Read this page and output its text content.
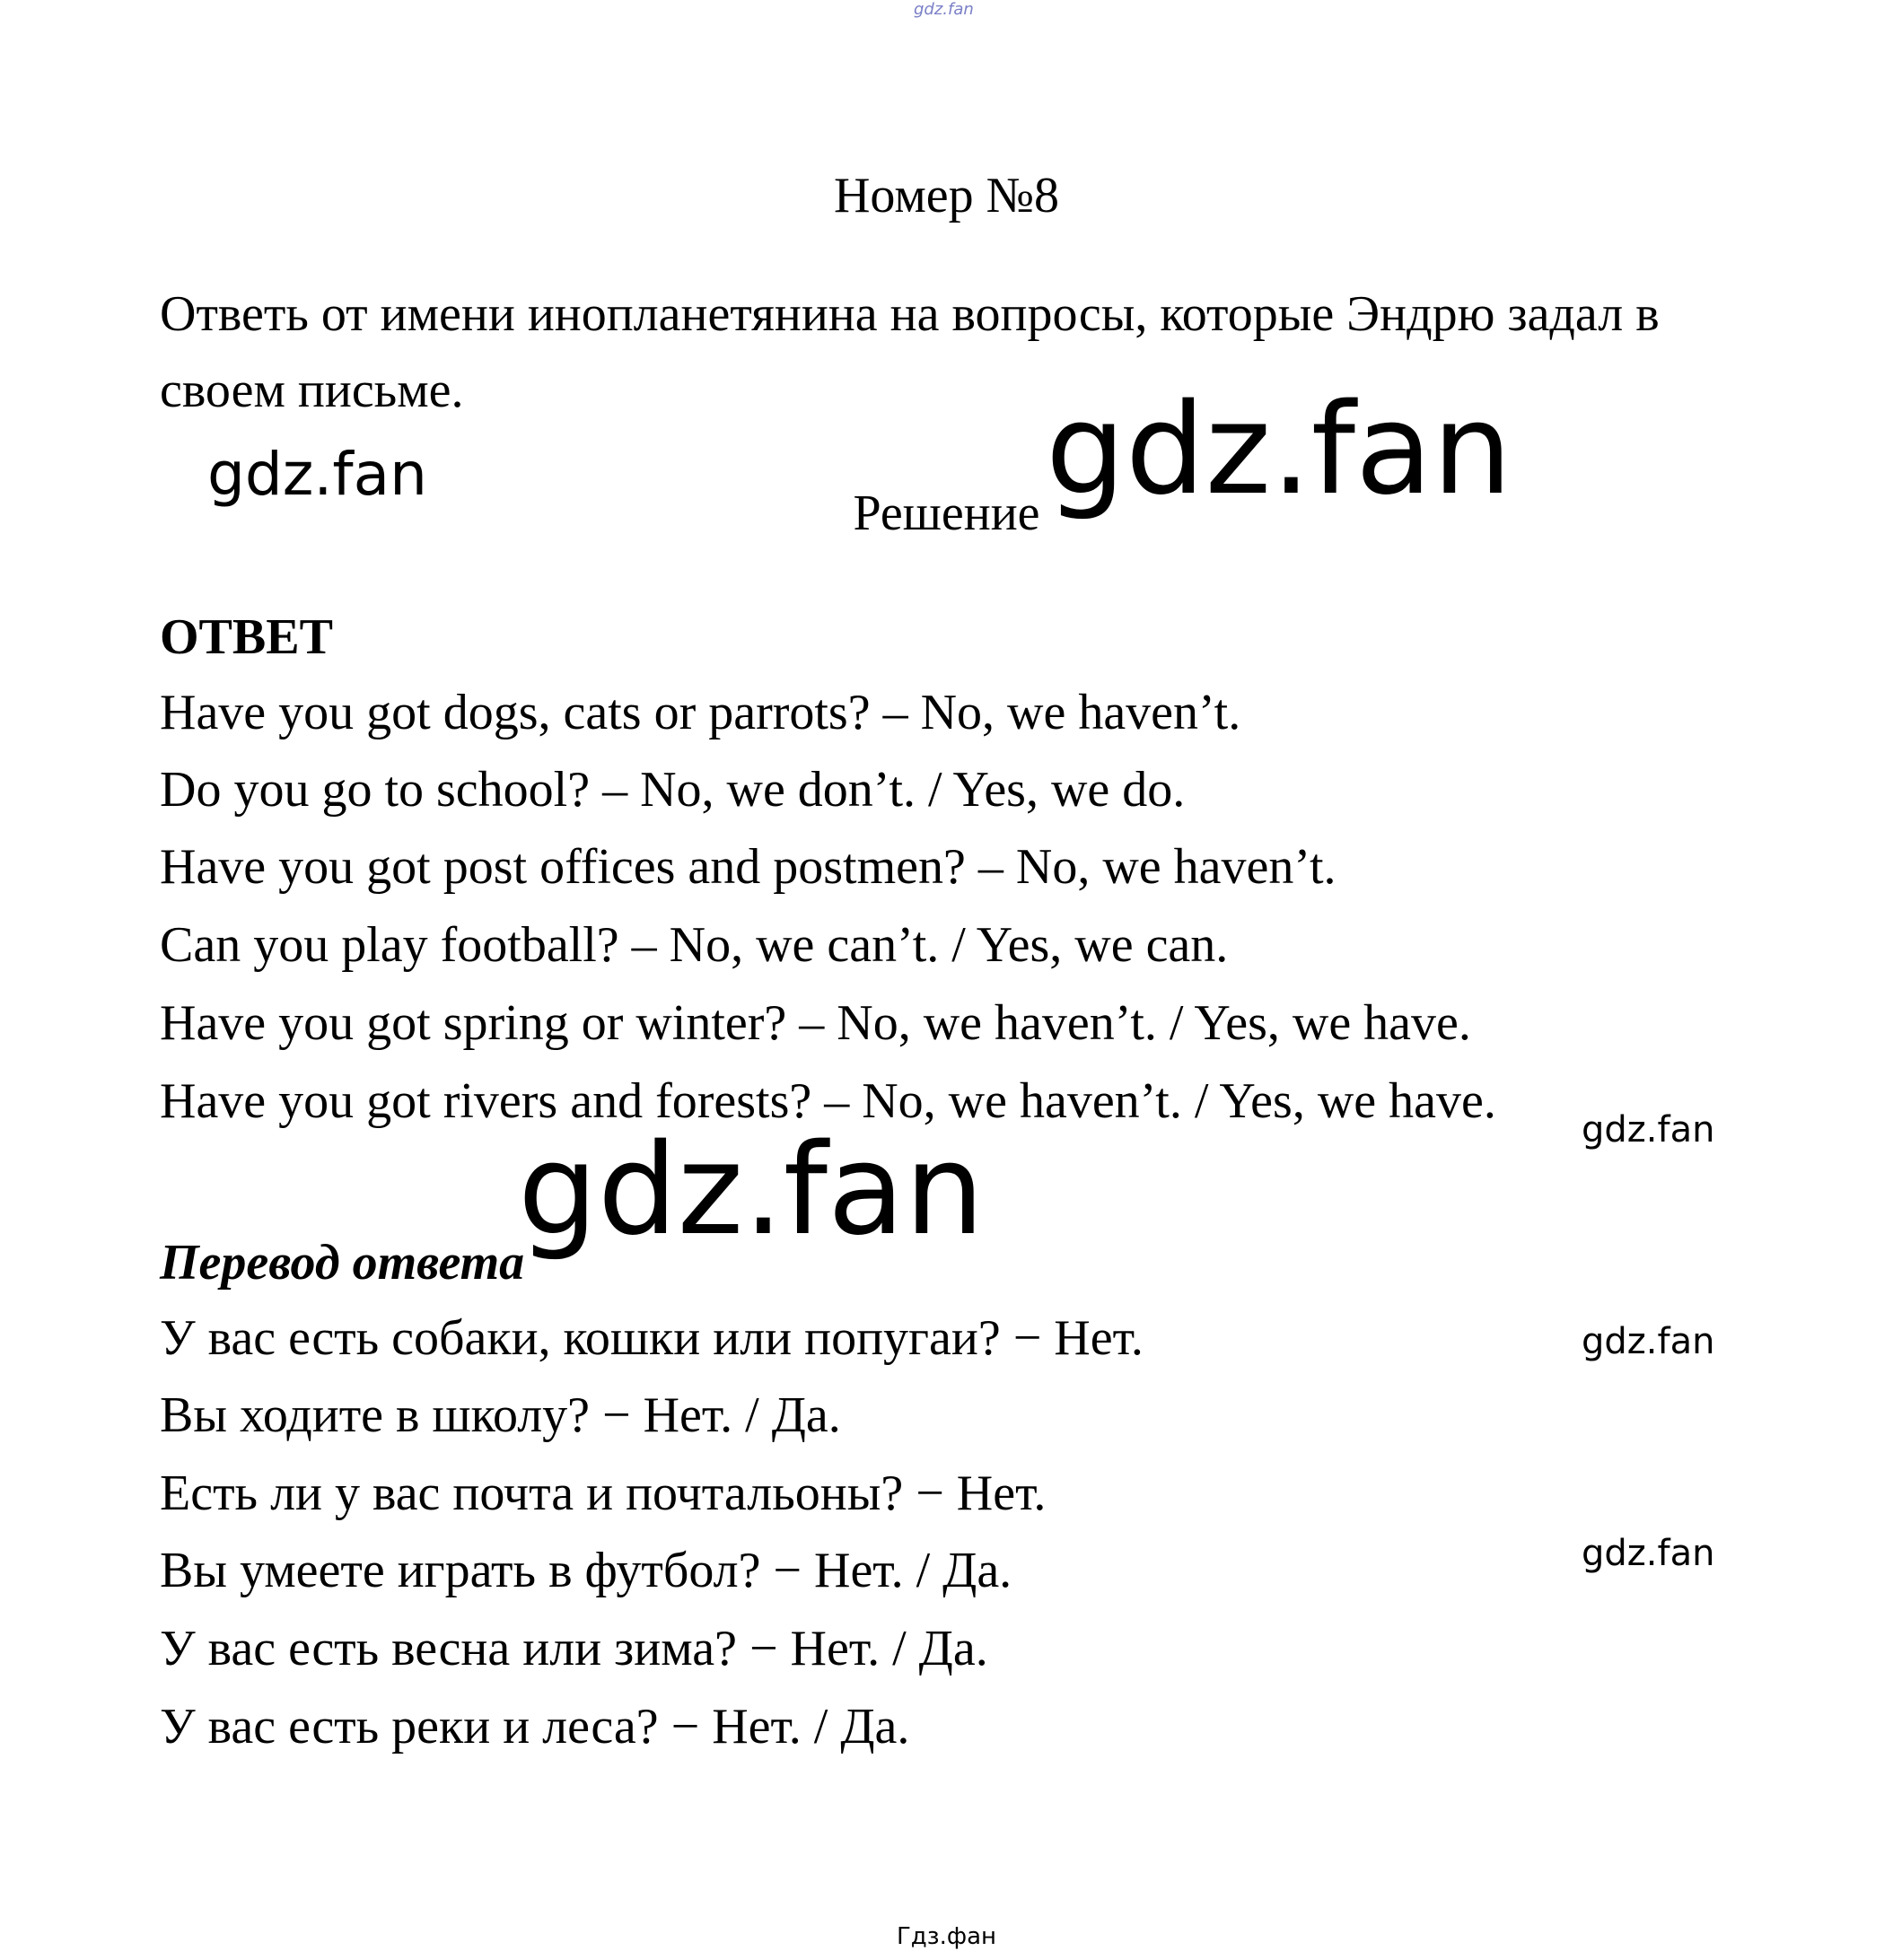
gdz.fan
Номер №8
Ответь от имени инопланетянина на вопросы, которые Эндрю задал в
своем письме.
gdz.fan
Решение gdz.fan
ОТВЕТ
Have you got dogs, cats or parrots? – No, we haven’t.
Do you go to school? – No, we don’t. / Yes, we do.
Have you got post offices and postmen? – No, we haven’t.
Can you play football? – No, we can’t. / Yes, we can.
Have you got spring or winter? – No, we haven’t. / Yes, we have.
Have you got rivers and forests? – No, we haven’t. / Yes, we have.
gdz.fan
gdz.fan
Перевод ответа
У вас есть собаки, кошки или попугаи? − Нет.	gdz.fan
Вы ходите в школу? − Нет. / Да.
Есть ли у вас почта и почтальоны? − Нет.
Вы умеете играть в футбол? − Нет. / Да.	gdz.fan
У вас есть весна или зима? − Нет. / Да.
У вас есть реки и леса? − Нет. / Да.
Гдз.фан
